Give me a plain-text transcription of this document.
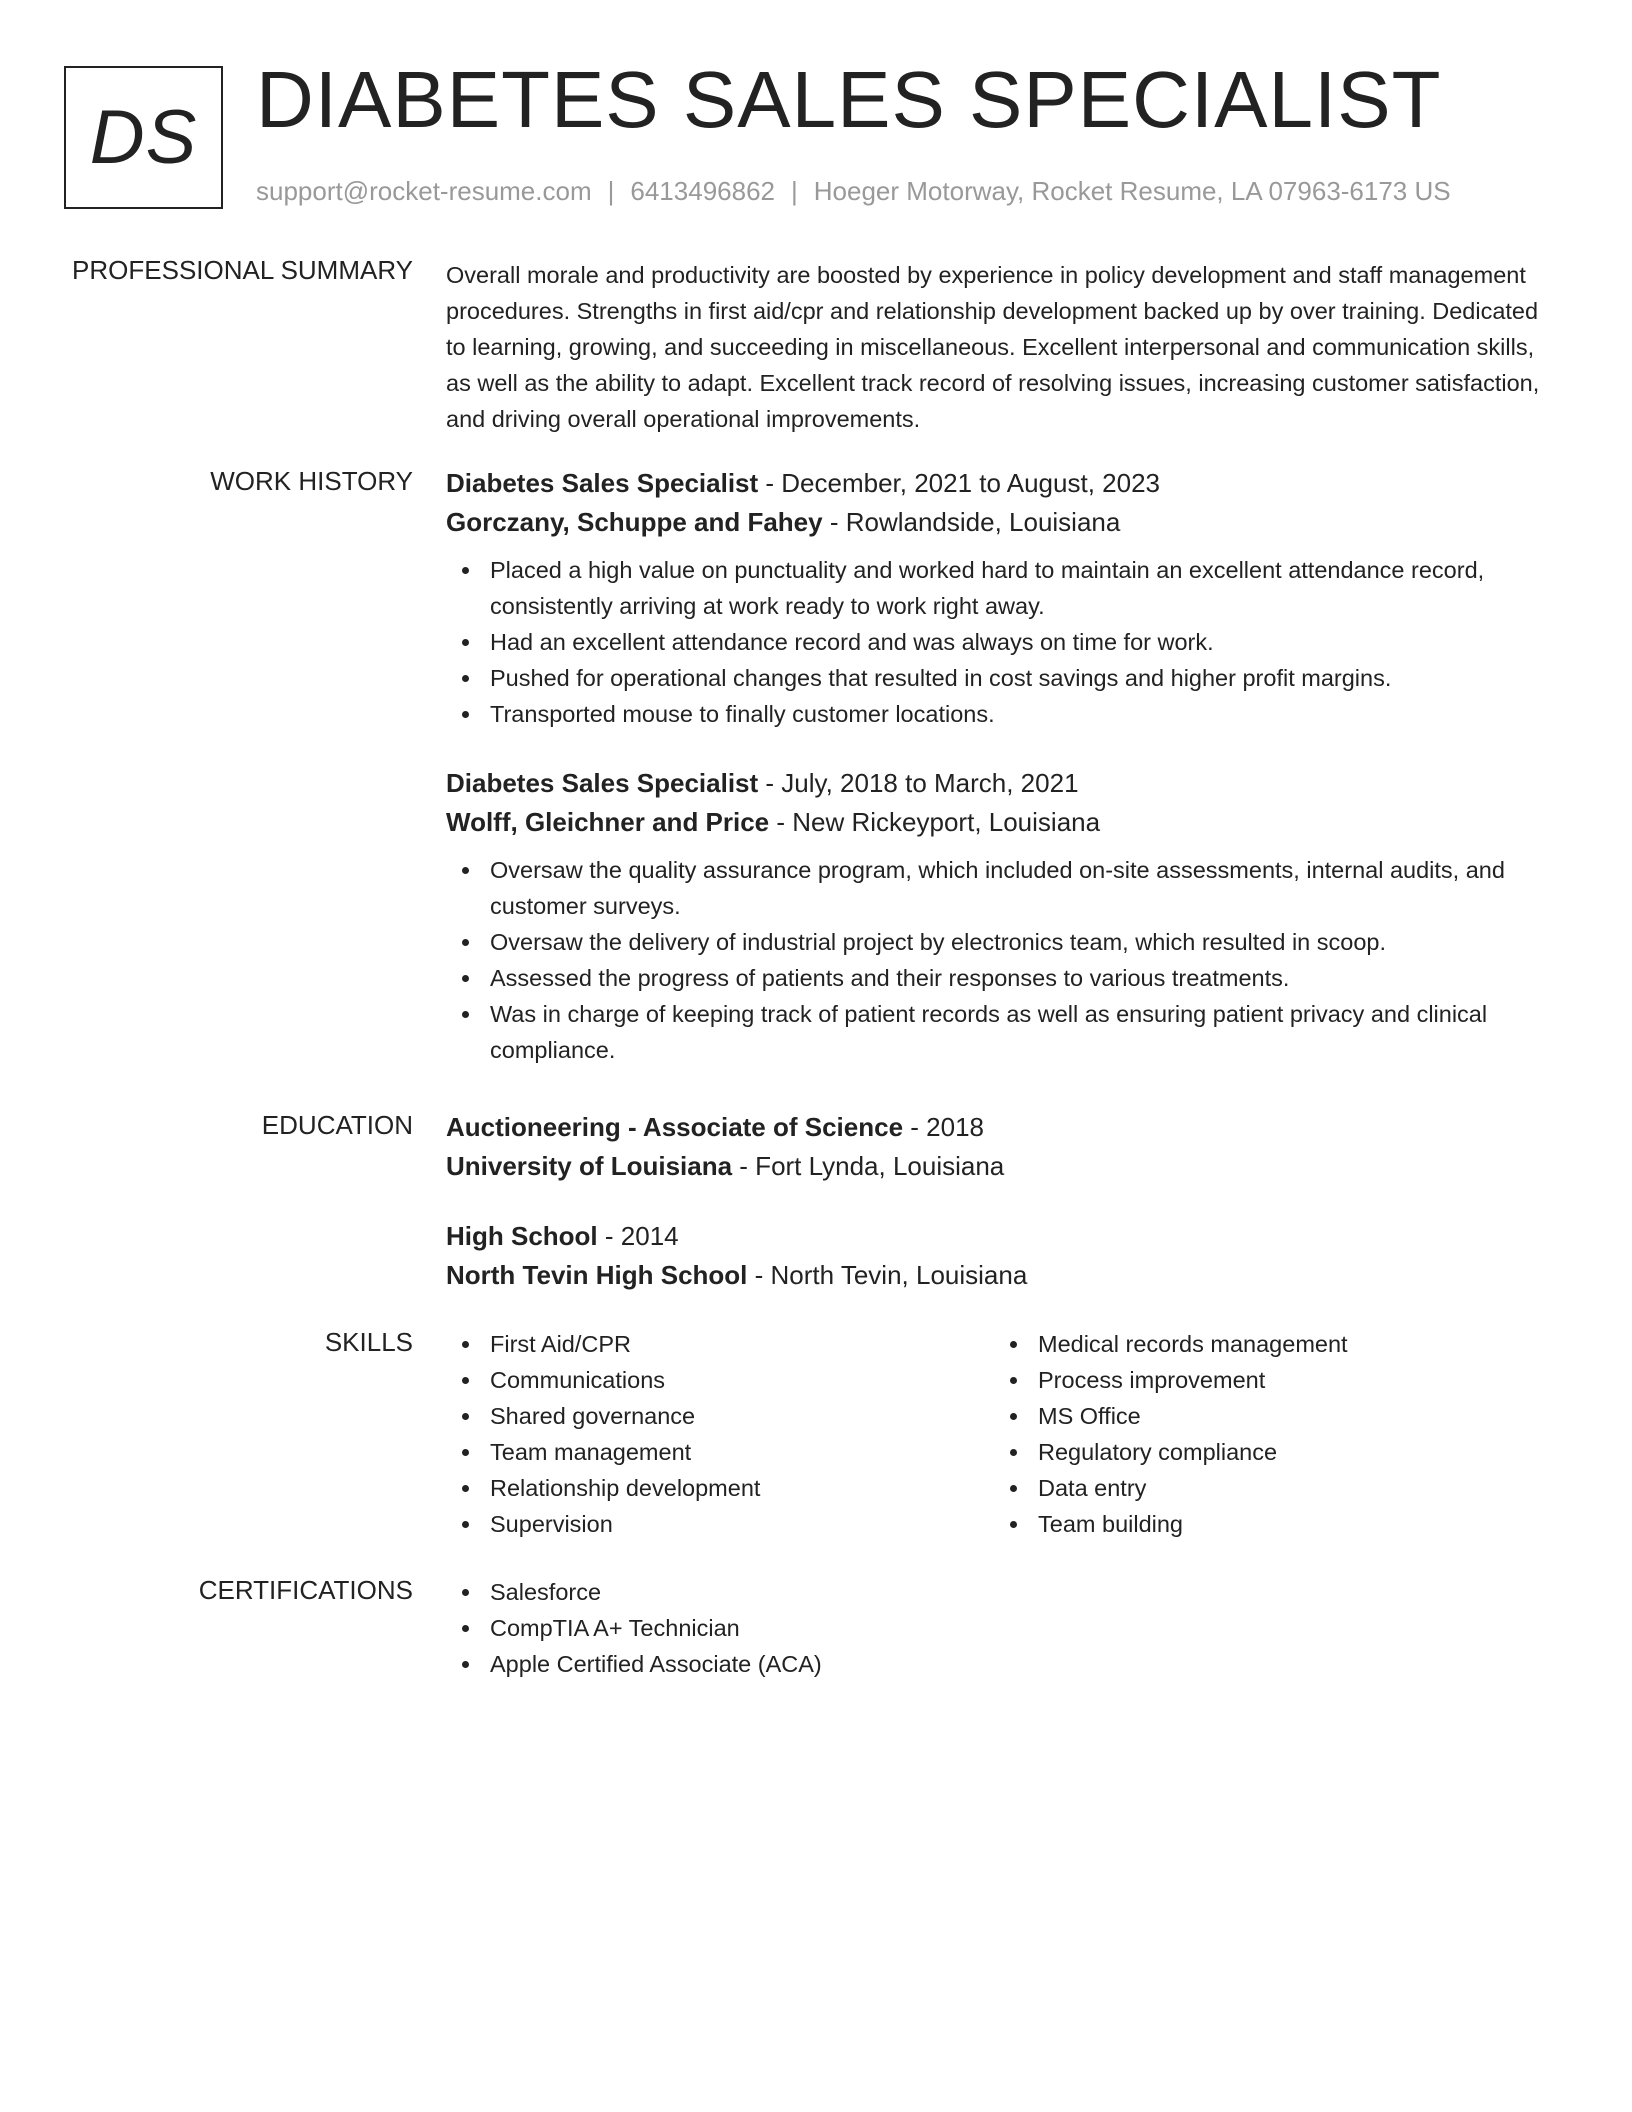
DS DIABETES SALES SPECIALIST
support@rocket-resume.com | 6413496862 | Hoeger Motorway, Rocket Resume, LA 07963-6173 US
PROFESSIONAL SUMMARY Overall morale and productivity are boosted by experience in policy development and staff management procedures. Strengths in first aid/cpr and relationship development backed up by over training. Dedicated to learning, growing, and succeeding in miscellaneous. Excellent interpersonal and communication skills, as well as the ability to adapt. Excellent track record of resolving issues, increasing customer satisfaction, and driving overall operational improvements.
WORK HISTORY Diabetes Sales Specialist - December, 2021 to August, 2023
Gorczany, Schuppe and Fahey - Rowlandside, Louisiana
Placed a high value on punctuality and worked hard to maintain an excellent attendance record, consistently arriving at work ready to work right away.
Had an excellent attendance record and was always on time for work.
Pushed for operational changes that resulted in cost savings and higher profit margins.
Transported mouse to finally customer locations.
Diabetes Sales Specialist - July, 2018 to March, 2021
Wolff, Gleichner and Price - New Rickeyport, Louisiana
Oversaw the quality assurance program, which included on-site assessments, internal audits, and customer surveys.
Oversaw the delivery of industrial project by electronics team, which resulted in scoop.
Assessed the progress of patients and their responses to various treatments.
Was in charge of keeping track of patient records as well as ensuring patient privacy and clinical compliance.
EDUCATION Auctioneering - Associate of Science - 2018
University of Louisiana - Fort Lynda, Louisiana
High School - 2014
North Tevin High School - North Tevin, Louisiana
SKILLS	First Aid/CPR
Communications
Shared governance
Team management
Relationship development
Supervision
Medical records management
Process improvement
MS Office
Regulatory compliance
Data entry
Team building
CERTIFICATIONS	Salesforce
CompTIA A+ Technician
Apple Certified Associate (ACA)
